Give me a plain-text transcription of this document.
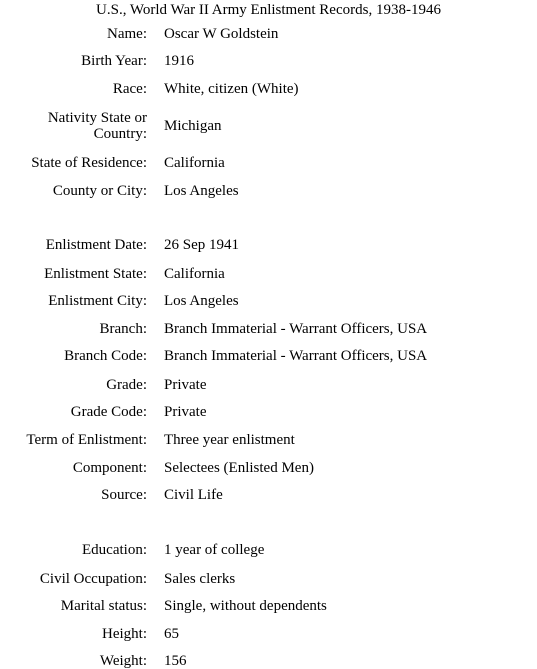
U.S., World War II Army Enlistment Records, 1938-1946
Name: Oscar W Goldstein
Birth Year: 1916
Race: White, citizen (White)
Nativity State or
Country: Michigan
State of Residence: California
County or City: Los Angeles
Enlistment Date: 26 Sep 1941
Enlistment State: California
Enlistment City: Los Angeles
Branch: Branch Immaterial - Warrant Officers, USA
Branch Code: Branch Immaterial - Warrant Officers, USA
Grade: Private
Grade Code: Private
Term of Enlistment: Three year enlistment
Component: Selectees (Enlisted Men)
Source: Civil Life
Education: 1 year of college
Civil Occupation: Sales clerks
Marital status: Single, without dependents
Height: 65
Weight: 156
